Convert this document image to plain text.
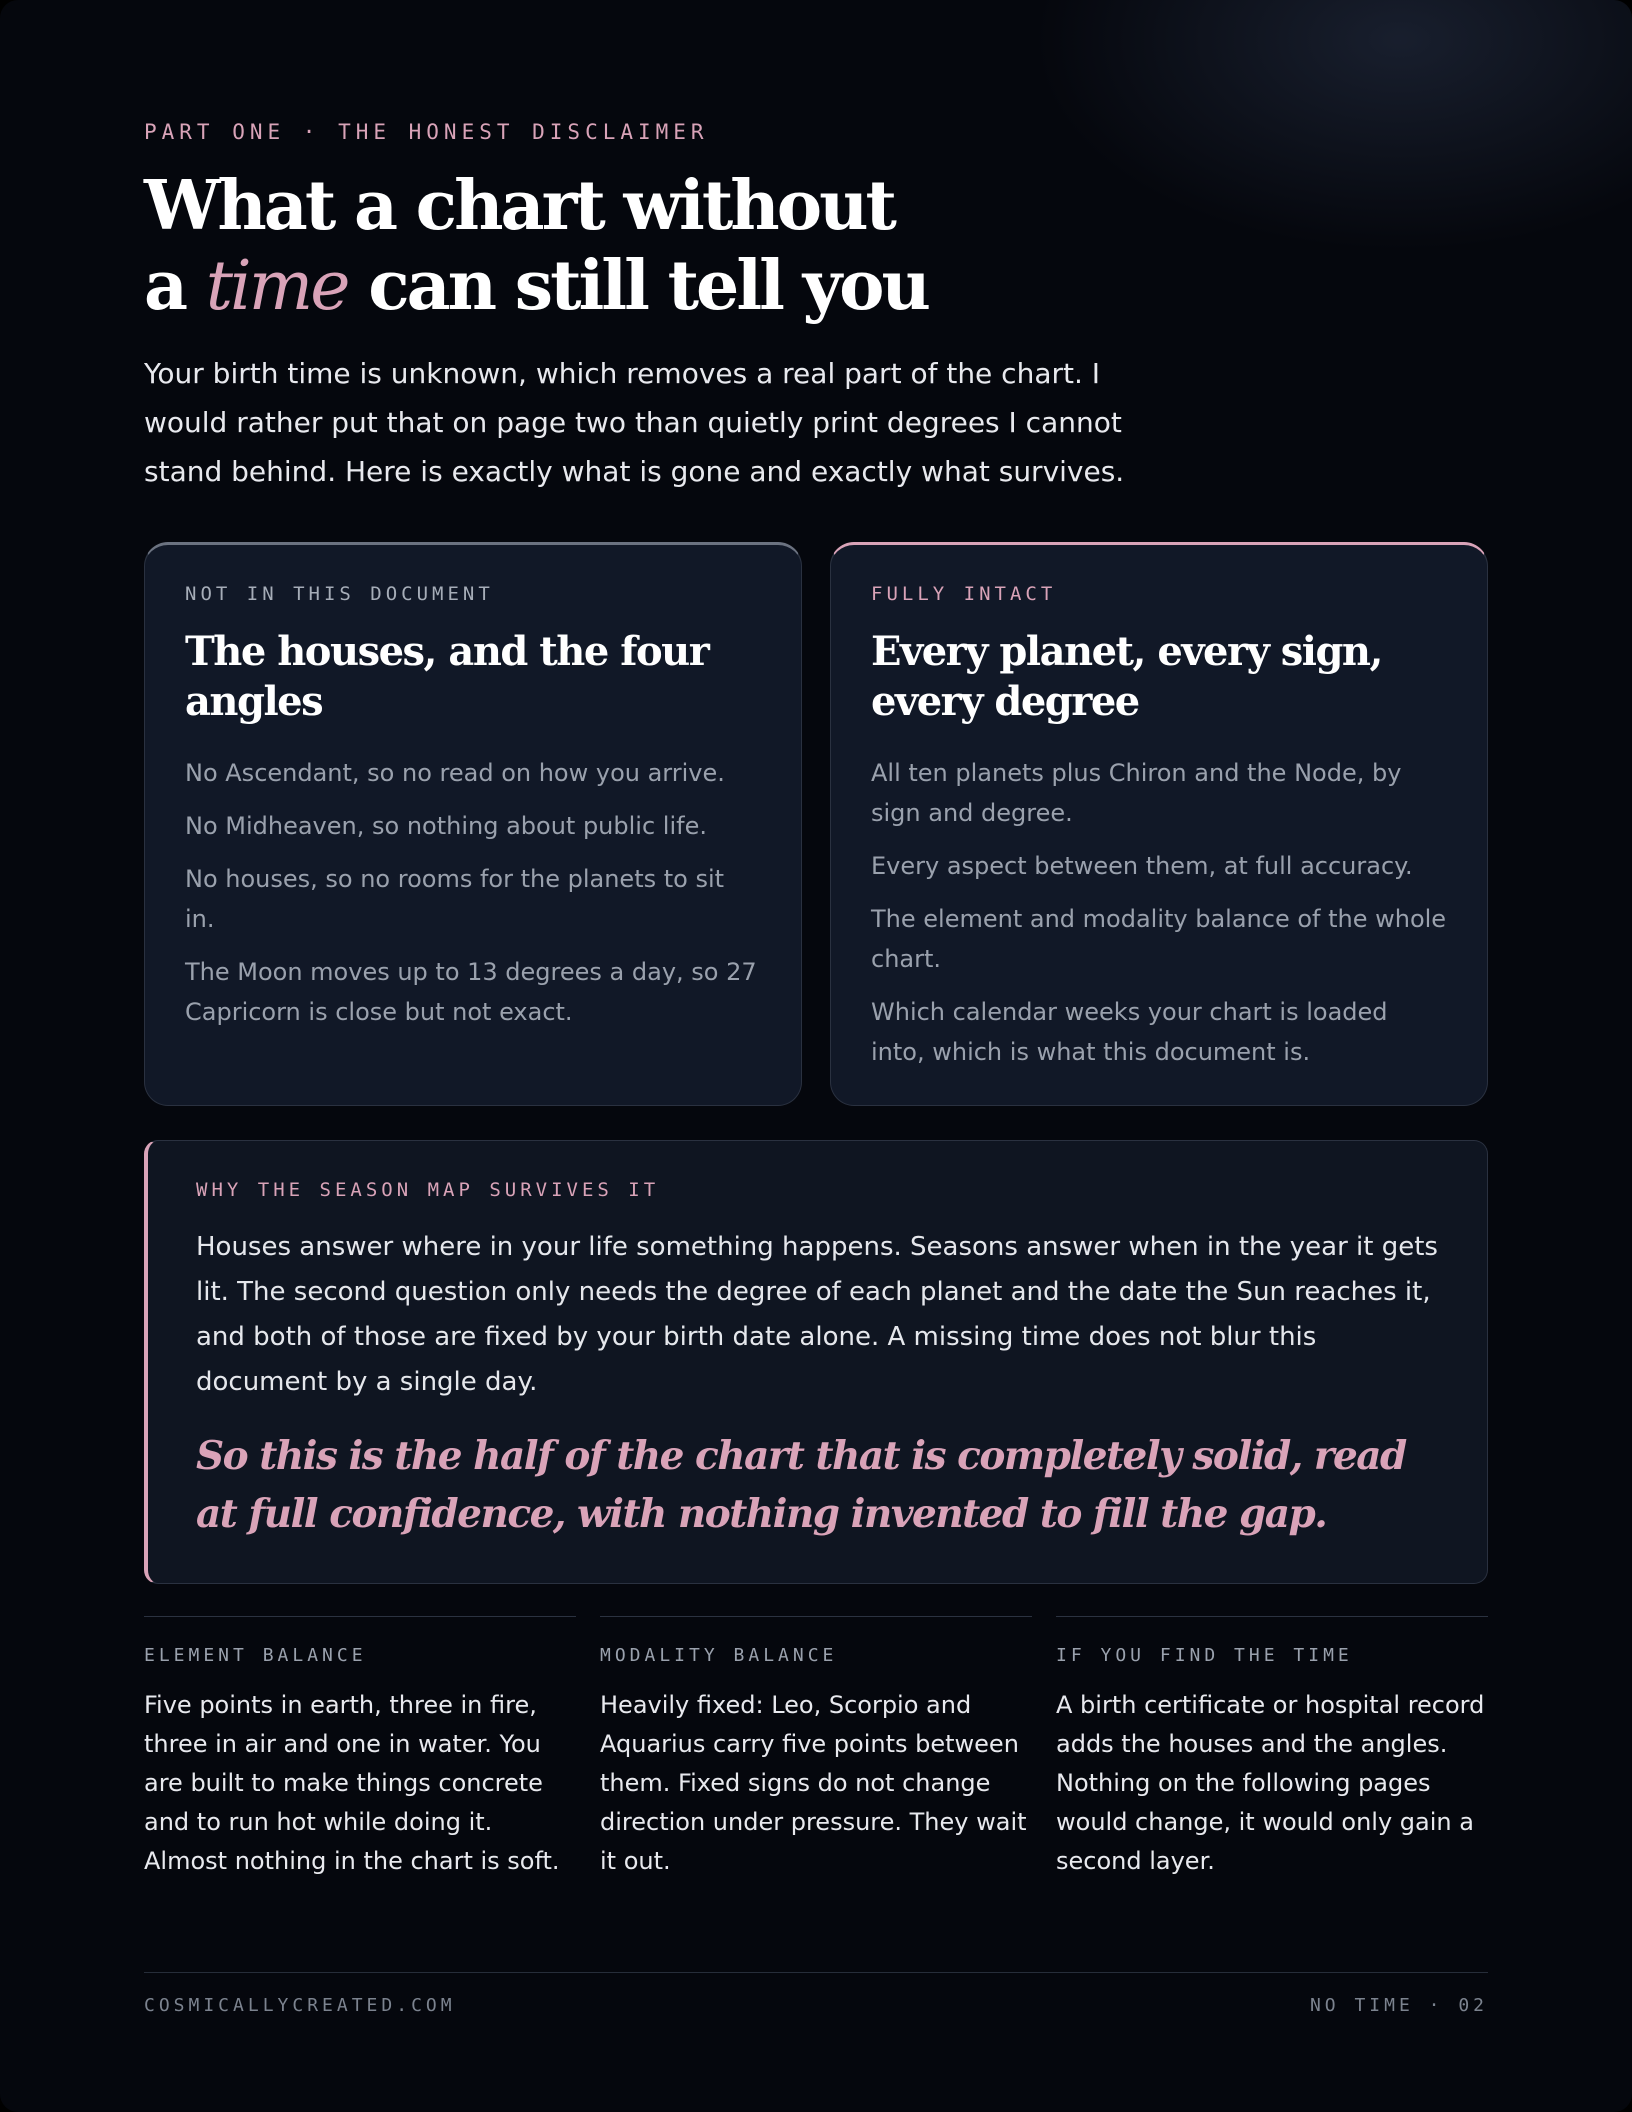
PART ONE · THE HONEST DISCLAIMER
What a chart without
a time can still tell you

Your birth time is unknown, which removes a real part of the chart. I would rather put that on page two than quietly print degrees I cannot stand behind. Here is exactly what is gone and exactly what survives.

NOT IN THIS DOCUMENT
The houses, and the four angles

No Ascendant, so no read on how you arrive.

No Midheaven, so nothing about public life.

No houses, so no rooms for the planets to sit in.

The Moon moves up to 13 degrees a day, so 27 Capricorn is close but not exact.

FULLY INTACT
Every planet, every sign, every degree

All ten planets plus Chiron and the Node, by sign and degree.

Every aspect between them, at full accuracy.

The element and modality balance of the whole chart.

Which calendar weeks your chart is loaded into, which is what this document is.

WHY THE SEASON MAP SURVIVES IT

Houses answer where in your life something happens. Seasons answer when in the year it gets lit. The second question only needs the degree of each planet and the date the Sun reaches it, and both of those are fixed by your birth date alone. A missing time does not blur this document by a single day.

So this is the half of the chart that is completely solid, read at full confidence, with nothing invented to fill the gap.

ELEMENT BALANCE

Five points in earth, three in fire, three in air and one in water. You are built to make things concrete and to run hot while doing it. Almost nothing in the chart is soft.

MODALITY BALANCE

Heavily fixed: Leo, Scorpio and Aquarius carry five points between them. Fixed signs do not change direction under pressure. They wait it out.

IF YOU FIND THE TIME

A birth certificate or hospital record adds the houses and the angles. Nothing on the following pages would change, it would only gain a second layer.

COSMICALLYCREATED.COM	NO TIME · 02
